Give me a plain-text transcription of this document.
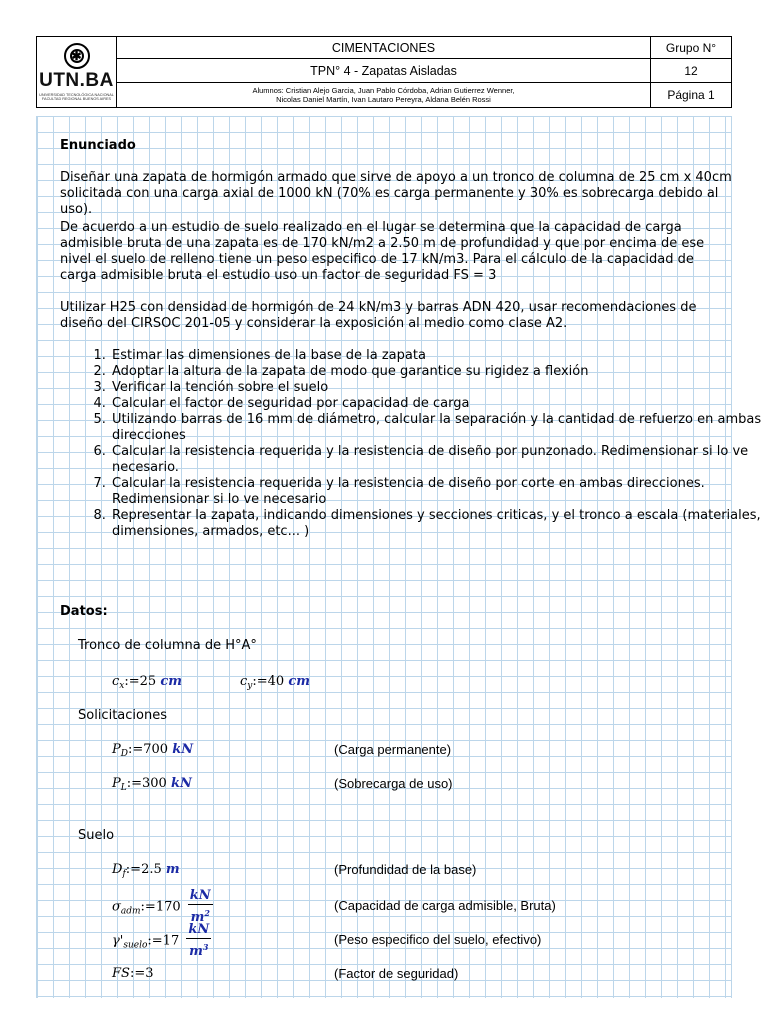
✱
UTN.BA
UNIVERSIDAD TECNOLÓGICA NACIONAL FACULTAD REGIONAL BUENOS AIRES
CIMENTACIONES
TPN° 4 - Zapatas Aisladas
Alumnos: Cristian Alejo Garcia, Juan Pablo Córdoba, Adrian Gutierrez Wenner,
Nicolas Daniel Martín, Ivan Lautaro Pereyra, Aldana Belén Rossi
Grupo N°
12
Página 1
Enunciado
Diseñar una zapata de hormigón armado que sirve de apoyo a un tronco de columna de 25 cm x 40cm solicitada con una carga axial de 1000 kN (70% es carga permanente y 30% es sobrecarga debido al uso).
De acuerdo a un estudio de suelo realizado en el lugar se determina que la capacidad de carga admisible bruta de una zapata es de 170 kN/m2 a 2.50 m de profundidad y que por encima de ese nivel el suelo de relleno tiene un peso especifico de 17 kN/m3. Para el cálculo de la capacidad de carga admisible bruta el estudio uso un factor de seguridad FS = 3
Utilizar H25 con densidad de hormigón de 24 kN/m3 y barras ADN 420, usar recomendaciones de diseño del CIRSOC 201-05 y considerar la exposición al medio como clase A2.
1. Estimar las dimensiones de la base de la zapata
2. Adoptar la altura de la zapata de modo que garantice su rigidez a flexión
3. Verificar la tención sobre el suelo
4. Calcular el factor de seguridad por capacidad de carga
5. Utilizando barras de 16 mm de diámetro, calcular la separación y la cantidad de refuerzo en ambas direcciones
6. Calcular la resistencia requerida y la resistencia de diseño por punzonado. Redimensionar si lo ve necesario.
7. Calcular la resistencia requerida y la resistencia de diseño por corte en ambas direcciones. Redimensionar si lo ve necesario
8. Representar la zapata, indicando dimensiones y secciones criticas, y el tronco a escala (materiales, dimensiones, armados, etc... )
Datos:
Tronco de columna de H°A°
$c_x:=25$ cm	$c_y:=40$ cm
Solicitaciones
$P_D:=700$ kN	(Carga permanente)
$P_L:=300$ kN	(Sobrecarga de uso)
Suelo
$D_f:=2.5$ m	(Profundidad de la base)
$\sigma_{adm}:=170 \frac{kN}{m^2}$	(Capacidad de carga admisible, Bruta)
$\gamma'_{suelo}:=17 \frac{kN}{m^3}$	(Peso especifico del suelo, efectivo)
FS:=3	(Factor de seguridad)
